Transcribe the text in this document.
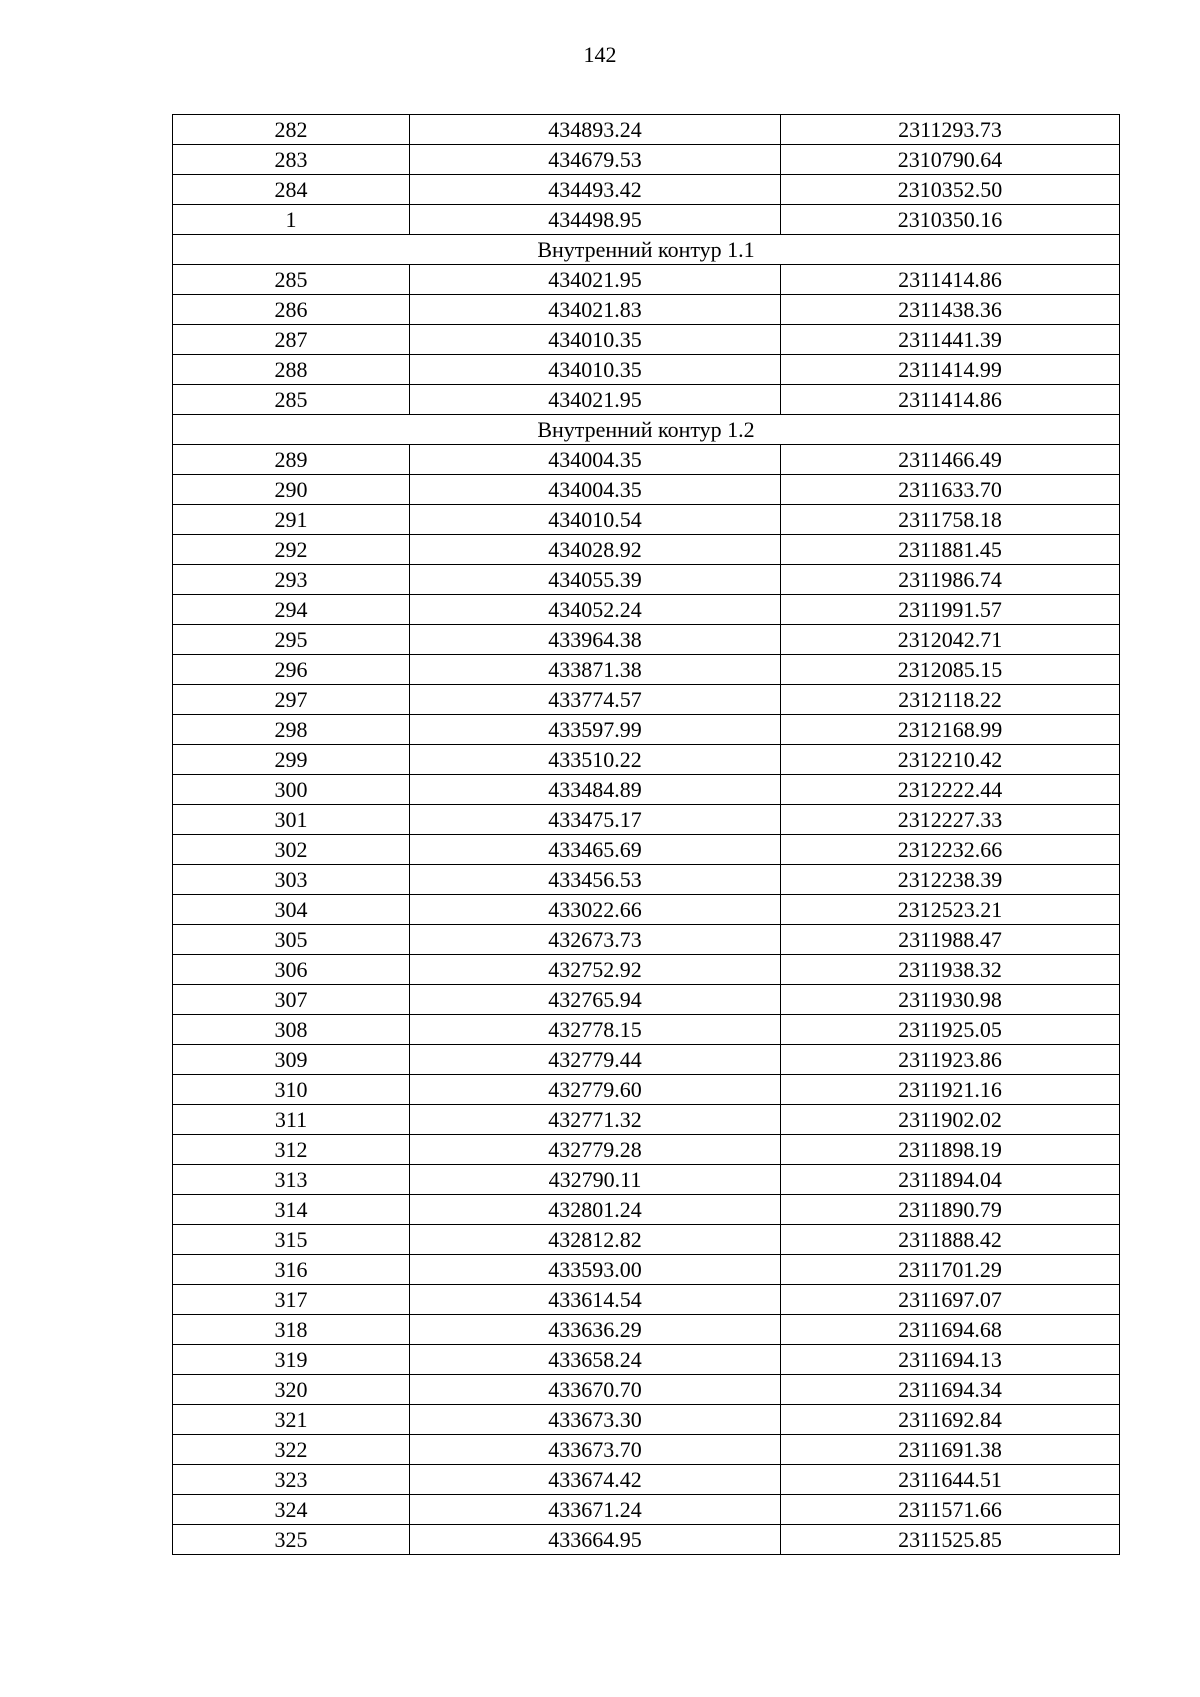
142
282	434893.24	2311293.73
283	434679.53	2310790.64
284	434493.42	2310352.50
1	434498.95	2310350.16
Внутренний контур 1.1		
285	434021.95	2311414.86
286	434021.83	2311438.36
287	434010.35	2311441.39
288	434010.35	2311414.99
285	434021.95	2311414.86
Внутренний контур 1.2		
289	434004.35	2311466.49
290	434004.35	2311633.70
291	434010.54	2311758.18
292	434028.92	2311881.45
293	434055.39	2311986.74
294	434052.24	2311991.57
295	433964.38	2312042.71
296	433871.38	2312085.15
297	433774.57	2312118.22
298	433597.99	2312168.99
299	433510.22	2312210.42
300	433484.89	2312222.44
301	433475.17	2312227.33
302	433465.69	2312232.66
303	433456.53	2312238.39
304	433022.66	2312523.21
305	432673.73	2311988.47
306	432752.92	2311938.32
307	432765.94	2311930.98
308	432778.15	2311925.05
309	432779.44	2311923.86
310	432779.60	2311921.16
311	432771.32	2311902.02
312	432779.28	2311898.19
313	432790.11	2311894.04
314	432801.24	2311890.79
315	432812.82	2311888.42
316	433593.00	2311701.29
317	433614.54	2311697.07
318	433636.29	2311694.68
319	433658.24	2311694.13
320	433670.70	2311694.34
321	433673.30	2311692.84
322	433673.70	2311691.38
323	433674.42	2311644.51
324	433671.24	2311571.66
325	433664.95	2311525.85
